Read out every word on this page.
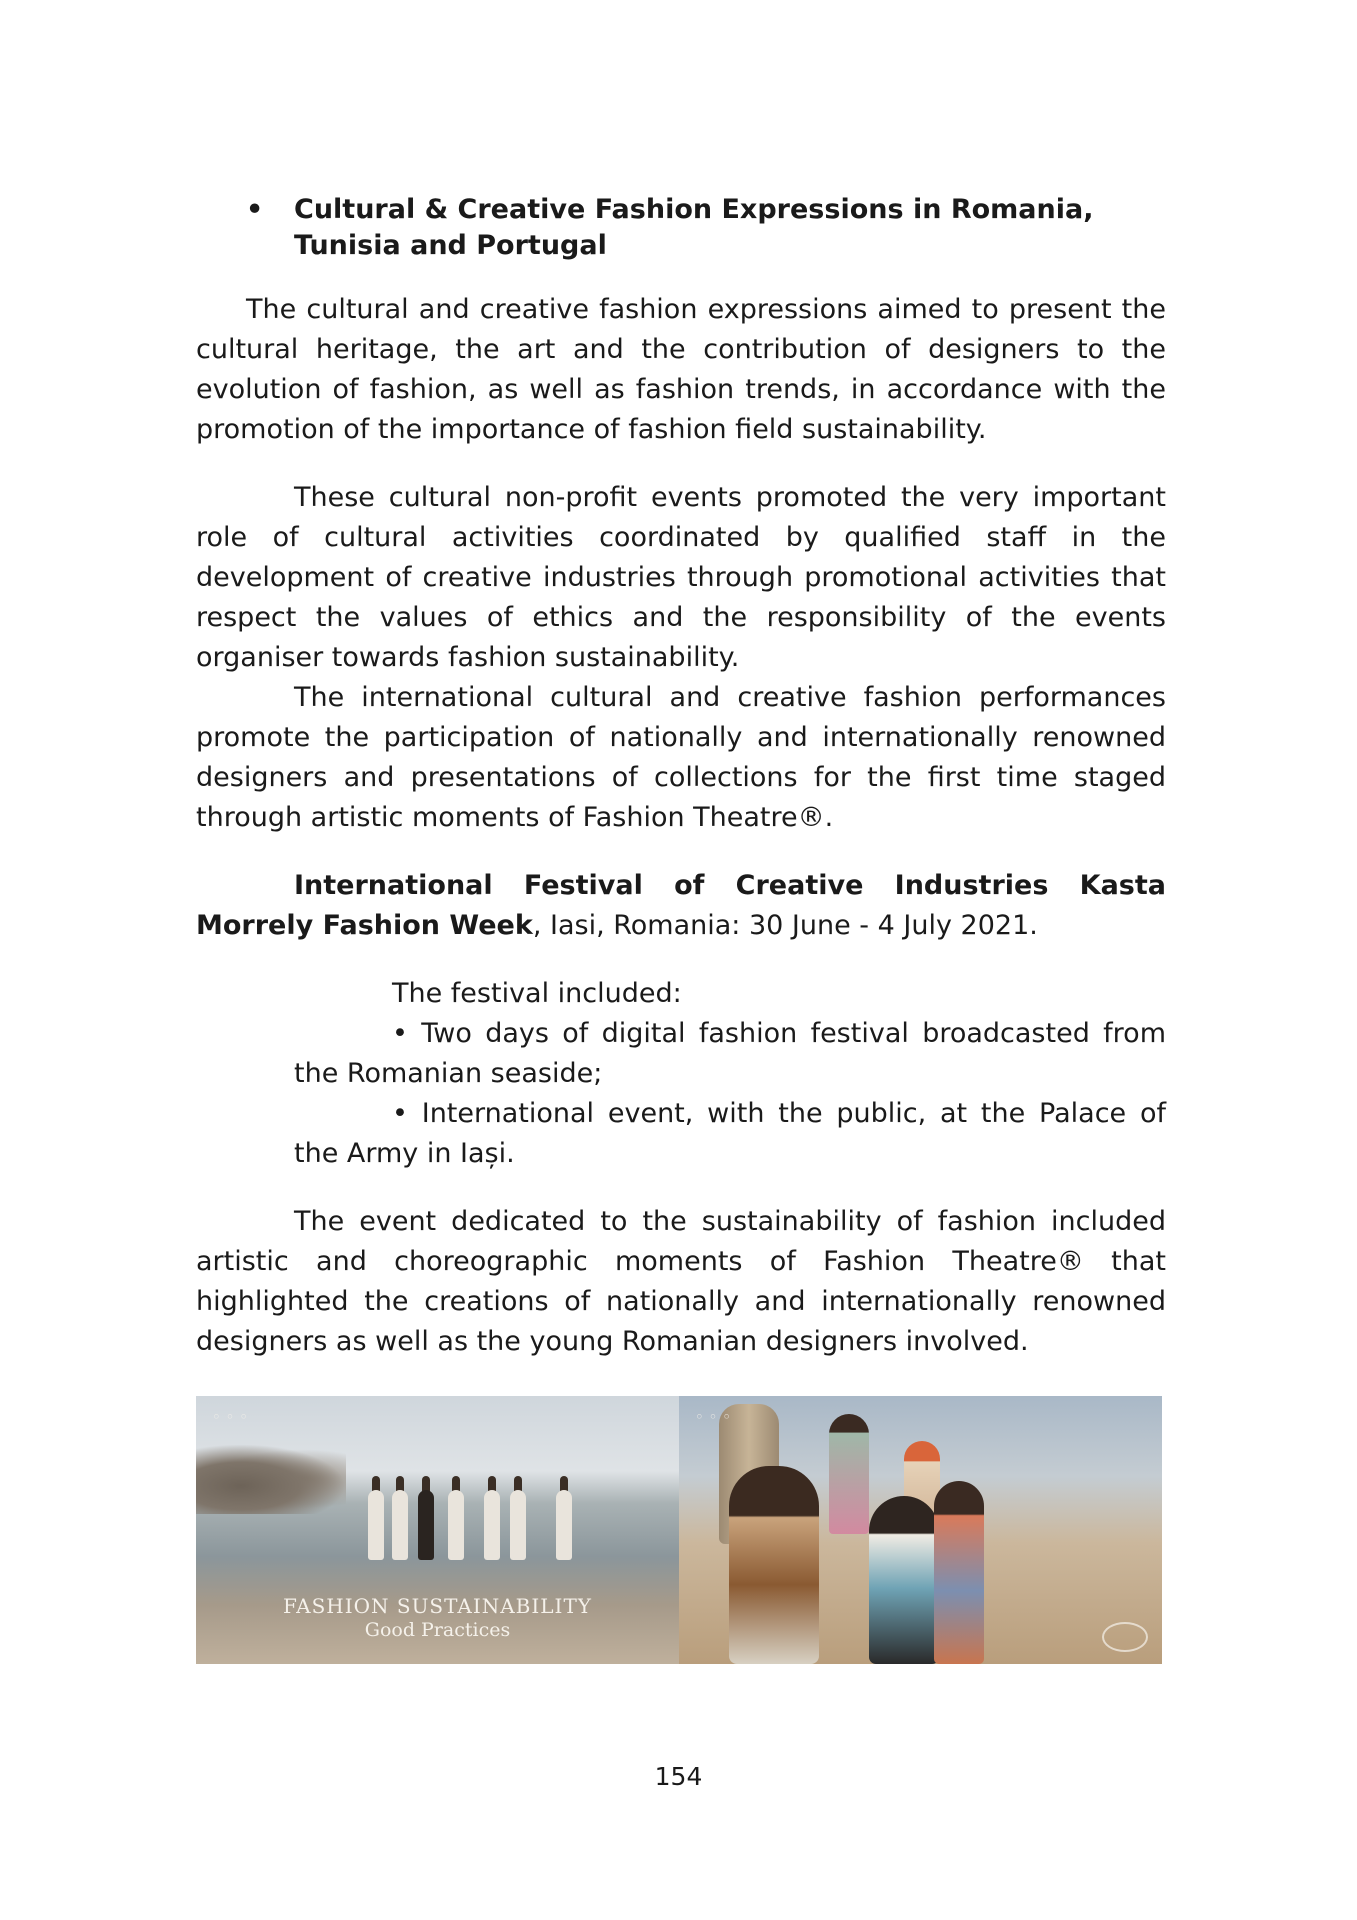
• Cultural & Creative Fashion Expressions in Romania, Tunisia and Portugal

The cultural and creative fashion expressions aimed to present the cultural heritage, the art and the contribution of designers to the evolution of fashion, as well as fashion trends, in accordance with the promotion of the importance of fashion field sustainability.

These cultural non-profit events promoted the very important role of cultural activities coordinated by qualified staff in the development of creative industries through promotional activities that respect the values of ethics and the responsibility of the events organiser towards fashion sustainability.

The international cultural and creative fashion performances promote the participation of nationally and internationally renowned designers and presentations of collections for the first time staged through artistic moments of Fashion Theatre®.

International Festival of Creative Industries Kasta Morrely Fashion Week, Iasi, Romania: 30 June - 4 July 2021.

The festival included:

• Two days of digital fashion festival broadcasted from the Romanian seaside;

• International event, with the public, at the Palace of the Army in Iași.

The event dedicated to the sustainability of fashion included artistic and choreographic moments of Fashion Theatre® that highlighted the creations of nationally and internationally renowned designers as well as the young Romanian designers involved.

◦ ◦ ◦
FASHION SUSTAINABILITY
Good Practices
◦ ◦ ◦
154
